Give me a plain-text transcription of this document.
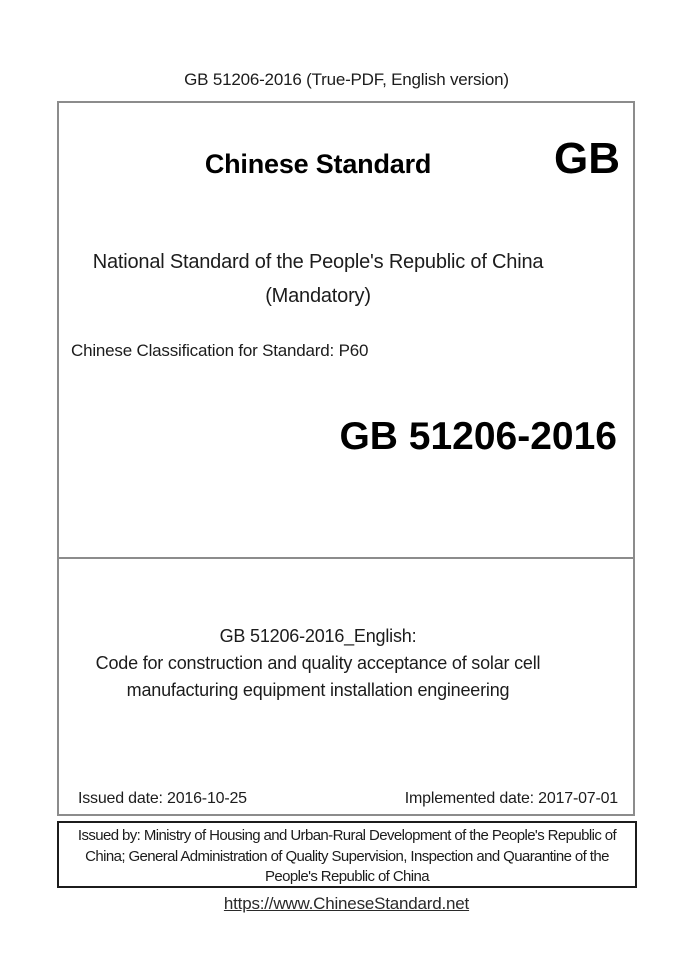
GB 51206-2016 (True-PDF, English version)
Chinese Standard	GB
National Standard of the People's Republic of China
(Mandatory)
Chinese Classification for Standard: P60
GB 51206-2016
GB 51206-2016_English:
Code for construction and quality acceptance of solar cell manufacturing equipment installation engineering
Issued date: 2016-10-25	Implemented date: 2017-07-01
Issued by: Ministry of Housing and Urban-Rural Development of the People's Republic of China; General Administration of Quality Supervision, Inspection and Quarantine of the People's Republic of China
https://www.ChineseStandard.net
